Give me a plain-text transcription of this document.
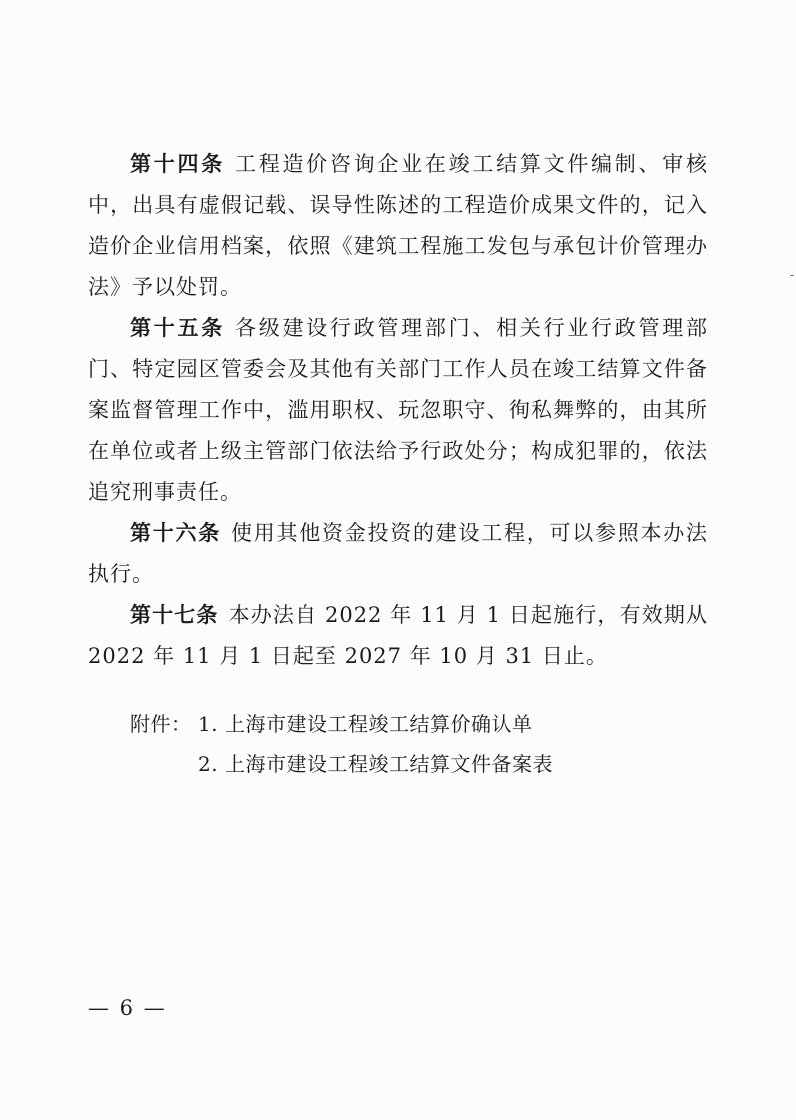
第十四条 工程造价咨询企业在竣工结算文件编制、审核中，出具有虚假记载、误导性陈述的工程造价成果文件的，记入造价企业信用档案，依照《建筑工程施工发包与承包计价管理办法》予以处罚。

第十五条 各级建设行政管理部门、相关行业行政管理部门、特定园区管委会及其他有关部门工作人员在竣工结算文件备案监督管理工作中，滥用职权、玩忽职守、徇私舞弊的，由其所在单位或者上级主管部门依法给予行政处分；构成犯罪的，依法追究刑事责任。

第十六条 使用其他资金投资的建设工程，可以参照本办法执行。

第十七条 本办法自 2022 年 11 月 1 日起施行，有效期从 2022 年 11 月 1 日起至 2027 年 10 月 31 日止。

附件： 1. 上海市建设工程竣工结算价确认单
2. 上海市建设工程竣工结算文件备案表
— 6 —
-
